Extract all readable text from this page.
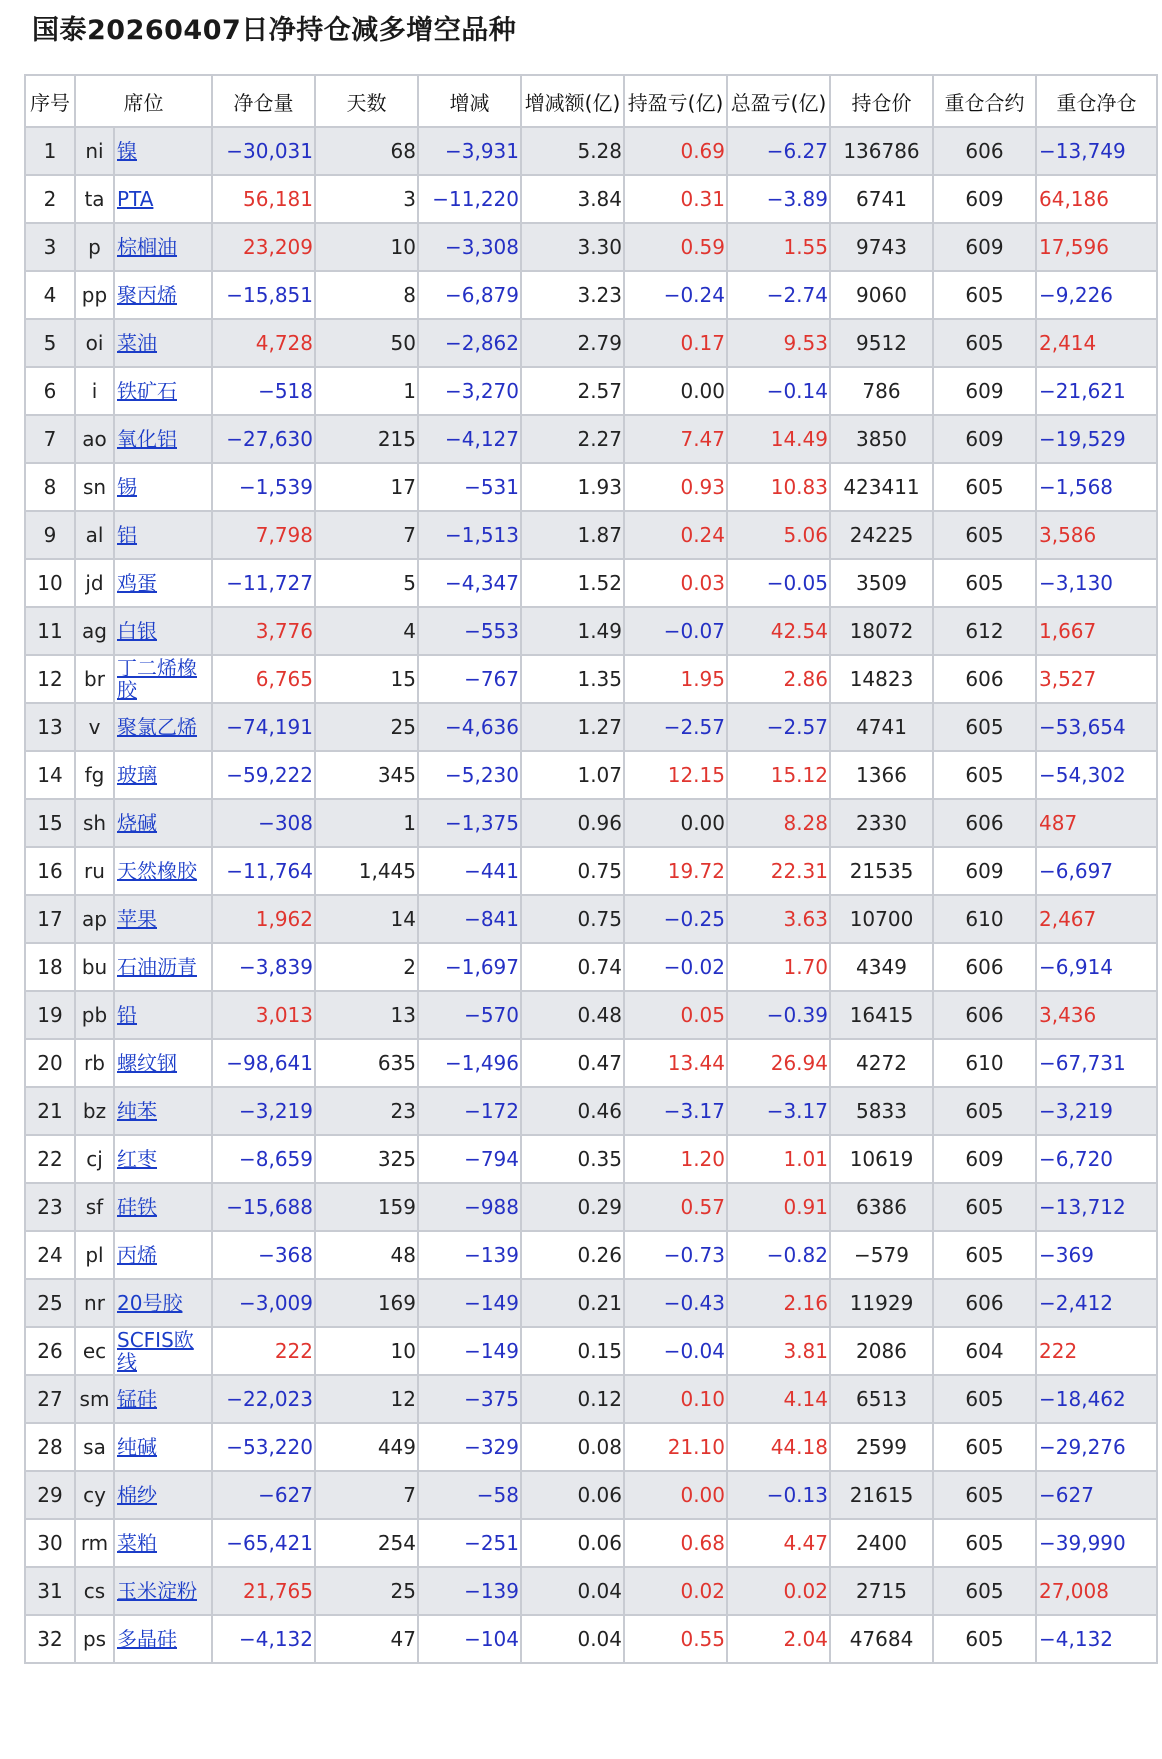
国泰20260407日净持仓减多增空品种
序号	席位		净仓量	天数	增减	增减额(亿)	持盈亏(亿)	总盈亏(亿)	持仓价	重仓合约	重仓净仓
1	ni	镍	−30,031	68	−3,931	5.28	0.69	−6.27	136786	606	−13,749
2	ta	PTA	56,181	3	−11,220	3.84	0.31	−3.89	6741	609	64,186
3	p	棕榈油	23,209	10	−3,308	3.30	0.59	1.55	9743	609	17,596
4	pp	聚丙烯	−15,851	8	−6,879	3.23	−0.24	−2.74	9060	605	−9,226
5	oi	菜油	4,728	50	−2,862	2.79	0.17	9.53	9512	605	2,414
6	i	铁矿石	−518	1	−3,270	2.57	0.00	−0.14	786	609	−21,621
7	ao	氧化铝	−27,630	215	−4,127	2.27	7.47	14.49	3850	609	−19,529
8	sn	锡	−1,539	17	−531	1.93	0.93	10.83	423411	605	−1,568
9	al	铝	7,798	7	−1,513	1.87	0.24	5.06	24225	605	3,586
10	jd	鸡蛋	−11,727	5	−4,347	1.52	0.03	−0.05	3509	605	−3,130
11	ag	白银	3,776	4	−553	1.49	−0.07	42.54	18072	612	1,667
12	br	丁二烯橡胶	6,765	15	−767	1.35	1.95	2.86	14823	606	3,527
13	v	聚氯乙烯	−74,191	25	−4,636	1.27	−2.57	−2.57	4741	605	−53,654
14	fg	玻璃	−59,222	345	−5,230	1.07	12.15	15.12	1366	605	−54,302
15	sh	烧碱	−308	1	−1,375	0.96	0.00	8.28	2330	606	487
16	ru	天然橡胶	−11,764	1,445	−441	0.75	19.72	22.31	21535	609	−6,697
17	ap	苹果	1,962	14	−841	0.75	−0.25	3.63	10700	610	2,467
18	bu	石油沥青	−3,839	2	−1,697	0.74	−0.02	1.70	4349	606	−6,914
19	pb	铅	3,013	13	−570	0.48	0.05	−0.39	16415	606	3,436
20	rb	螺纹钢	−98,641	635	−1,496	0.47	13.44	26.94	4272	610	−67,731
21	bz	纯苯	−3,219	23	−172	0.46	−3.17	−3.17	5833	605	−3,219
22	cj	红枣	−8,659	325	−794	0.35	1.20	1.01	10619	609	−6,720
23	sf	硅铁	−15,688	159	−988	0.29	0.57	0.91	6386	605	−13,712
24	pl	丙烯	−368	48	−139	0.26	−0.73	−0.82	−579	605	−369
25	nr	20号胶	−3,009	169	−149	0.21	−0.43	2.16	11929	606	−2,412
26	ec	SCFIS欧线	222	10	−149	0.15	−0.04	3.81	2086	604	222
27	sm	锰硅	−22,023	12	−375	0.12	0.10	4.14	6513	605	−18,462
28	sa	纯碱	−53,220	449	−329	0.08	21.10	44.18	2599	605	−29,276
29	cy	棉纱	−627	7	−58	0.06	0.00	−0.13	21615	605	−627
30	rm	菜粕	−65,421	254	−251	0.06	0.68	4.47	2400	605	−39,990
31	cs	玉米淀粉	21,765	25	−139	0.04	0.02	0.02	2715	605	27,008
32	ps	多晶硅	−4,132	47	−104	0.04	0.55	2.04	47684	605	−4,132
